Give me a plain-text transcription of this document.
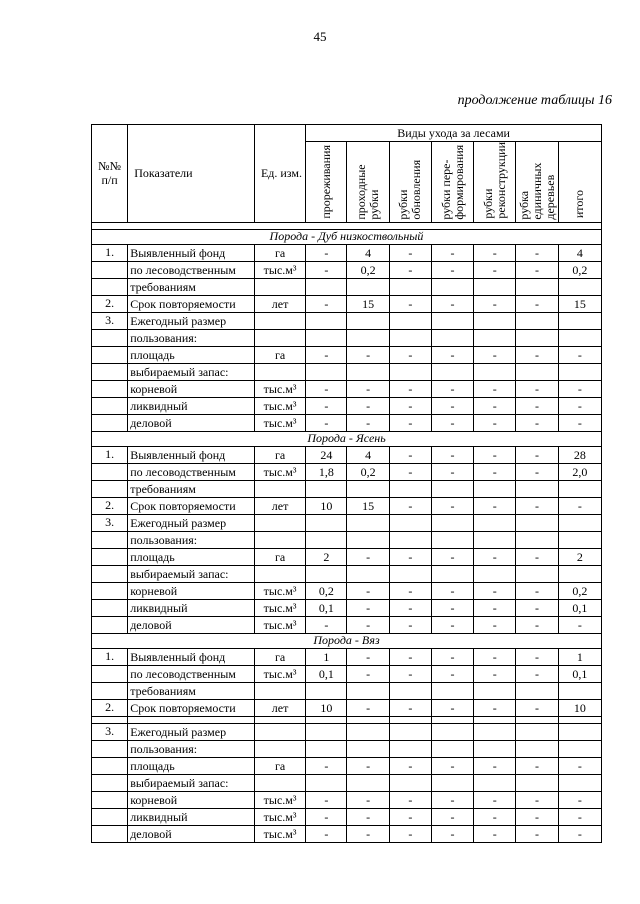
45
продолжение таблицы 16
№№ п/п	Показатели	Ед. изм.	Виды ухода за лесами						
			прореживания	проходные рубки	рубки обновления	рубки пере-формирования	рубки реконструкции	рубка единичных деревьев	итого

Порода - Дуб низкоствольный									
1.	Выявленный фонд	га	-	4	-	-	-	-	4
	по лесоводственным	тыс.м³	-	0,2	-	-	-	-	0,2
	требованиям								
2.	Срок повторяемости	лет	-	15	-	-	-	-	15
3.	Ежегодный размер								
	пользования:								
	площадь	га	-	-	-	-	-	-	-
	выбираемый запас:								
	корневой	тыс.м³	-	-	-	-	-	-	-
	ликвидный	тыс.м³	-	-	-	-	-	-	-
	деловой	тыс.м³	-	-	-	-	-	-	-
Порода - Ясень									
1.	Выявленный фонд	га	24	4	-	-	-	-	28
	по лесоводственным	тыс.м³	1,8	0,2	-	-	-	-	2,0
	требованиям								
2.	Срок повторяемости	лет	10	15	-	-	-	-	-
3.	Ежегодный размер								
	пользования:								
	площадь	га	2	-	-	-	-	-	2
	выбираемый запас:								
	корневой	тыс.м³	0,2	-	-	-	-	-	0,2
	ликвидный	тыс.м³	0,1	-	-	-	-	-	0,1
	деловой	тыс.м³	-	-	-	-	-	-	-
Порода - Вяз									
1.	Выявленный фонд	га	1	-	-	-	-	-	1
	по лесоводственным	тыс.м³	0,1	-	-	-	-	-	0,1
	требованиям								
2.	Срок повторяемости	лет	10	-	-	-	-	-	10

3.	Ежегодный размер								
	пользования:								
	площадь	га	-	-	-	-	-	-	-
	выбираемый запас:								
	корневой	тыс.м³	-	-	-	-	-	-	-
	ликвидный	тыс.м³	-	-	-	-	-	-	-
	деловой	тыс.м³	-	-	-	-	-	-	-
